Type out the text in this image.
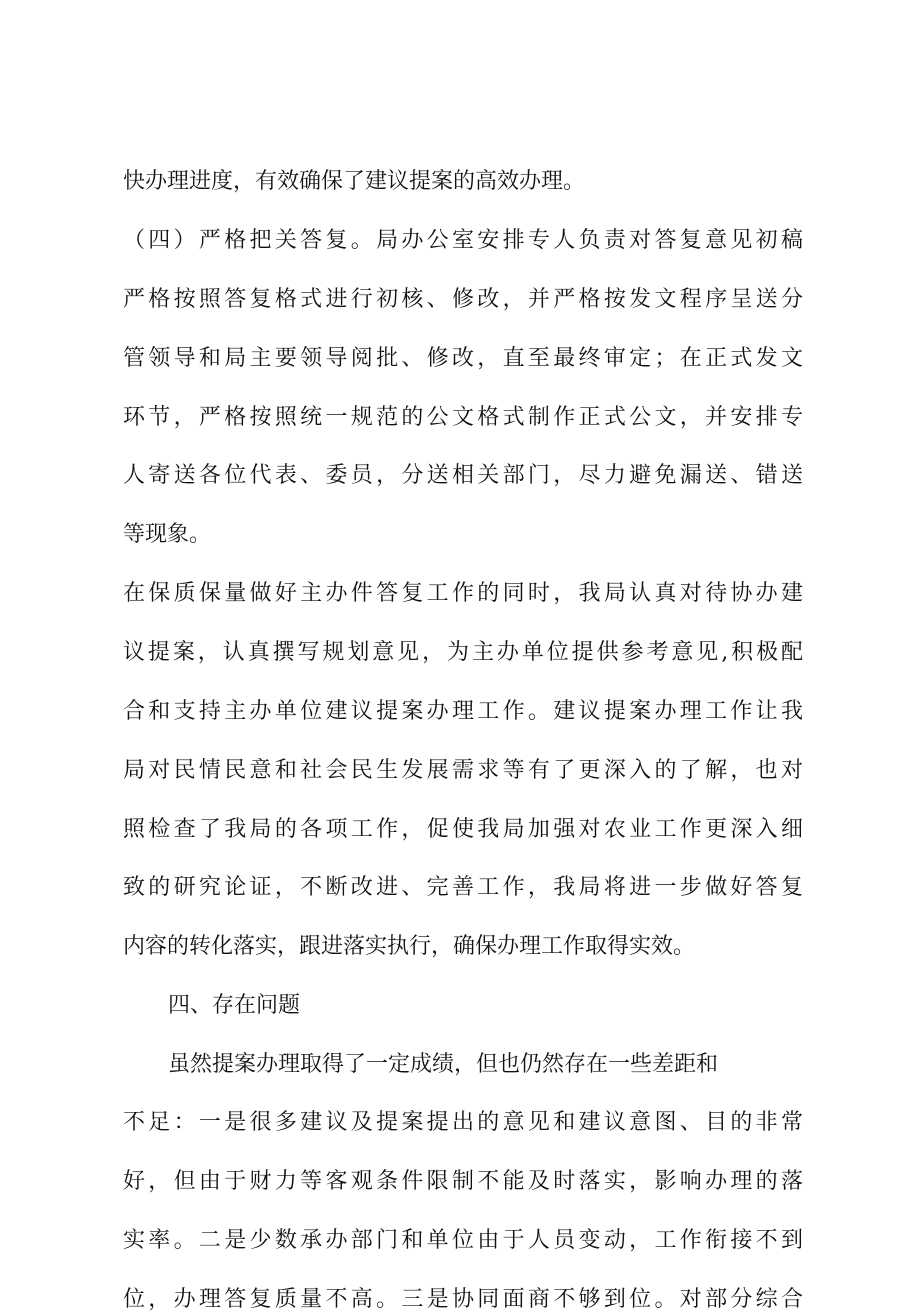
快办理进度，有效确保了建议提案的高效办理。
（四）严格把关答复。局办公室安排专人负责对答复意见初稿
严格按照答复格式进行初核、修改，并严格按发文程序呈送分
管领导和局主要领导阅批、修改，直至最终审定；在正式发文
环节，严格按照统一规范的公文格式制作正式公文，并安排专
人寄送各位代表、委员，分送相关部门，尽力避免漏送、错送
等现象。
在保质保量做好主办件答复工作的同时，我局认真对待协办建
议提案，认真撰写规划意见，为主办单位提供参考意见,积极配
合和支持主办单位建议提案办理工作。建议提案办理工作让我
局对民情民意和社会民生发展需求等有了更深入的了解，也对
照检查了我局的各项工作，促使我局加强对农业工作更深入细
致的研究论证，不断改进、完善工作，我局将进一步做好答复
内容的转化落实，跟进落实执行，确保办理工作取得实效。
四、存在问题
虽然提案办理取得了一定成绩，但也仍然存在一些差距和
不足：一是很多建议及提案提出的意见和建议意图、目的非常
好，但由于财力等客观条件限制不能及时落实，影响办理的落
实率。二是少数承办部门和单位由于人员变动，工作衔接不到
位，办理答复质量不高。三是协同面商不够到位。对部分综合
